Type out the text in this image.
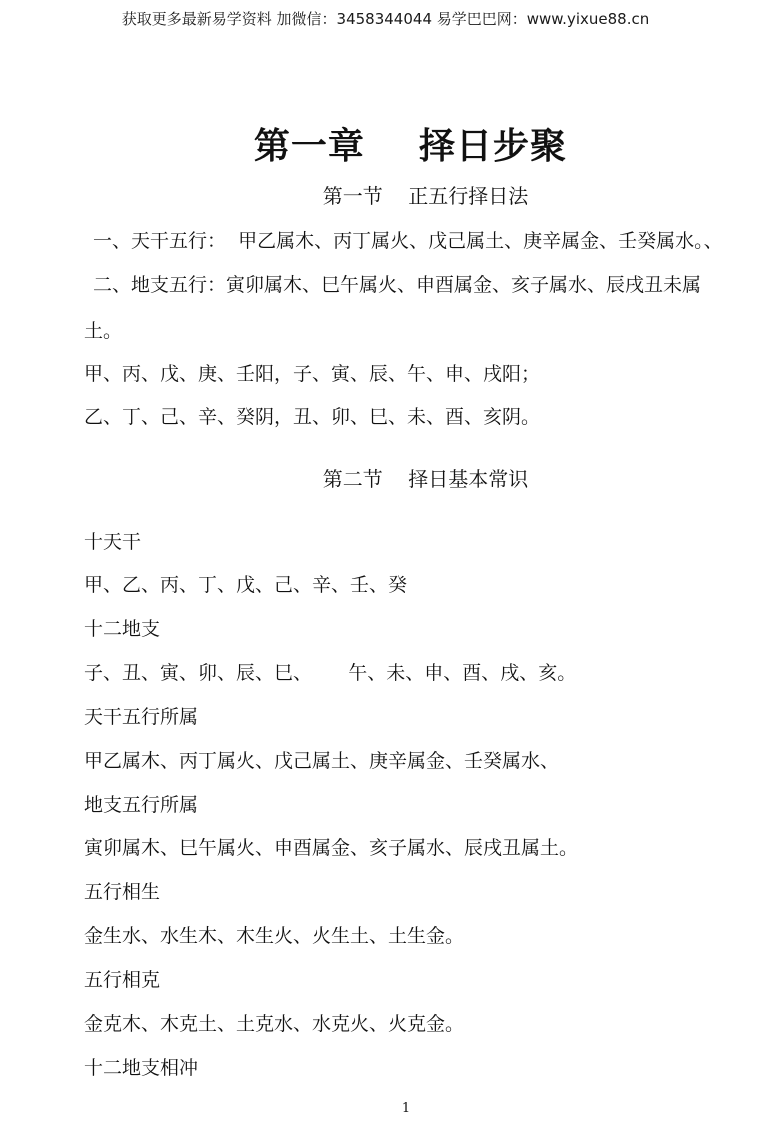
获取更多最新易学资料 加微信：3458344044 易学巴巴网：www.yixue88.cn
第一章    择日步聚
第一节    正五行择日法
一、天干五行：  甲乙属木、丙丁属火、戊己属土、庚辛属金、壬癸属水。、
二、地支五行：寅卯属木、巳午属火、申酉属金、亥子属水、辰戌丑未属
土。
甲、丙、戊、庚、壬阳，子、寅、辰、午、申、戌阳；
乙、丁、己、辛、癸阴，丑、卯、巳、未、酉、亥阴。
第二节    择日基本常识
十天干
甲、乙、丙、丁、戊、己、辛、壬、癸
十二地支
子、丑、寅、卯、辰、巳、      午、未、申、酉、戌、亥。
天干五行所属
甲乙属木、丙丁属火、戊己属土、庚辛属金、壬癸属水、
地支五行所属
寅卯属木、巳午属火、申酉属金、亥子属水、辰戌丑属土。
五行相生
金生水、水生木、木生火、火生土、土生金。
五行相克
金克木、木克土、土克水、水克火、火克金。
十二地支相冲
1
